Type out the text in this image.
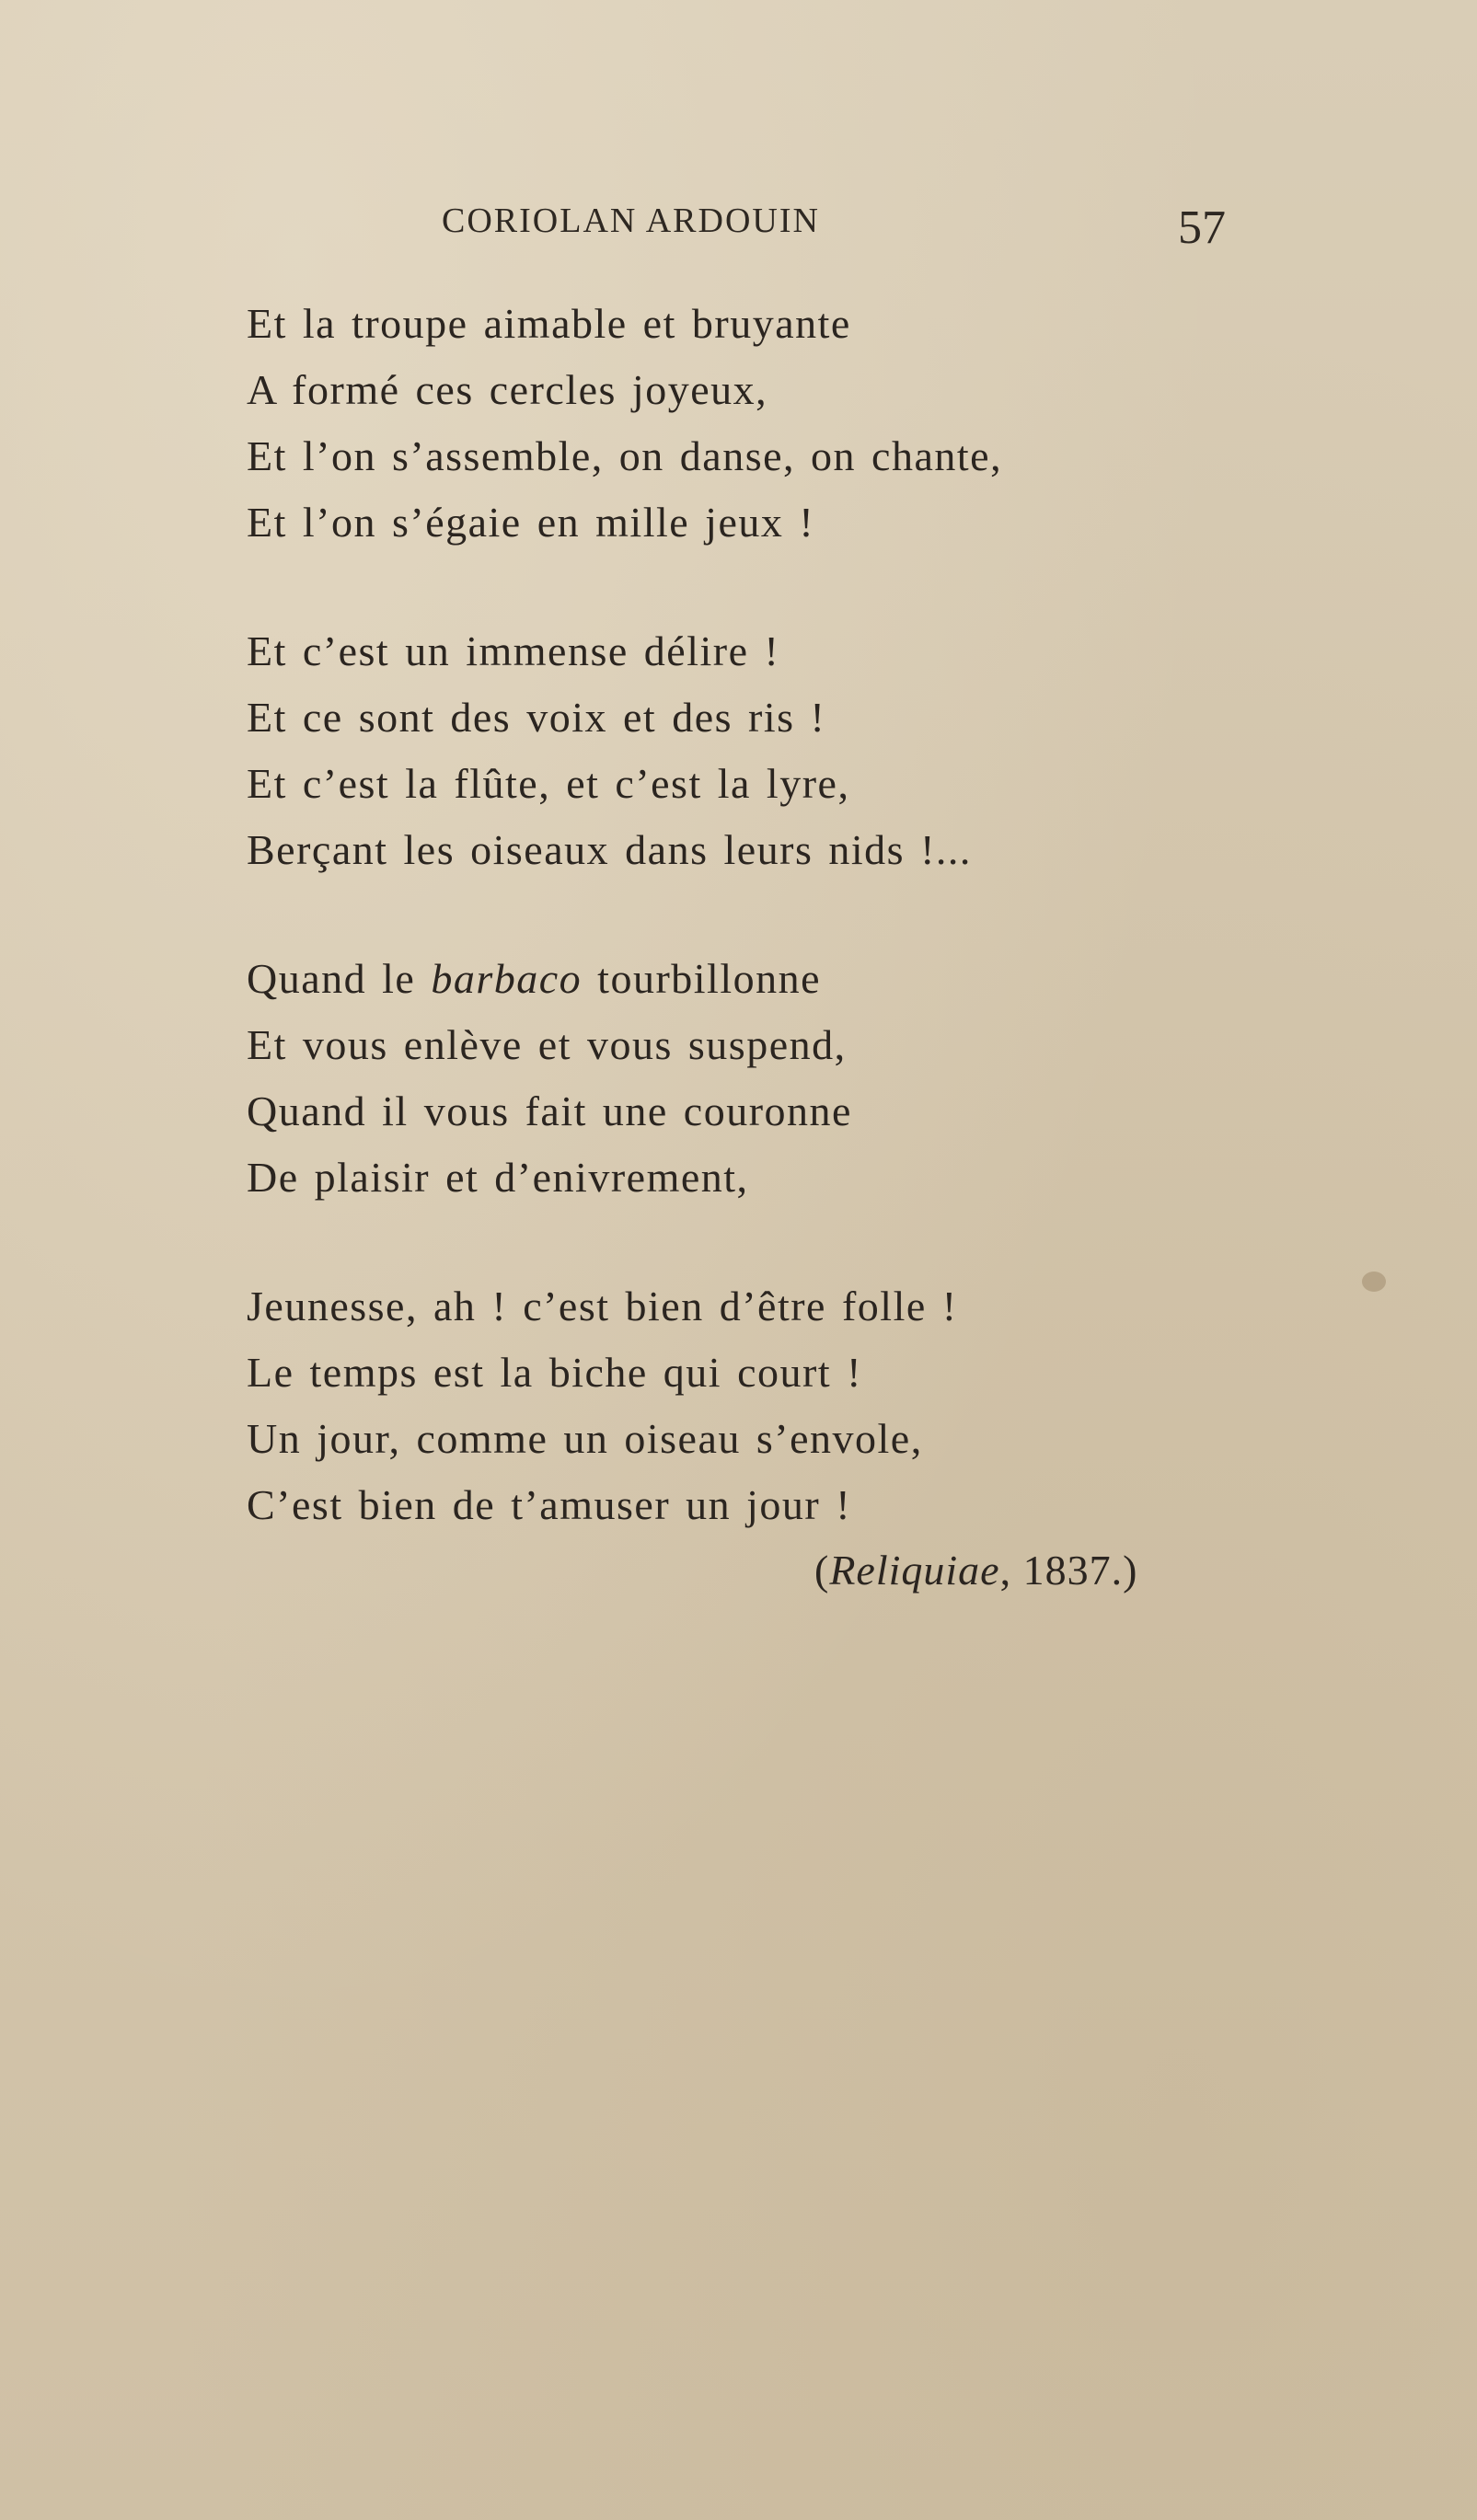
CORIOLAN ARDOUIN	57
Et la troupe aimable et bruyante
A formé ces cercles joyeux,
Et l’on s’assemble, on danse, on chante,
Et l’on s’égaie en mille jeux !
Et c’est un immense délire !
Et ce sont des voix et des ris !
Et c’est la flûte, et c’est la lyre,
Berçant les oiseaux dans leurs nids !...
Quand le barbaco tourbillonne
Et vous enlève et vous suspend,
Quand il vous fait une couronne
De plaisir et d’enivrement,
Jeunesse, ah ! c’est bien d’être folle !
Le temps est la biche qui court !
Un jour, comme un oiseau s’envole,
C’est bien de t’amuser un jour !
(Reliquiae, 1837.)
